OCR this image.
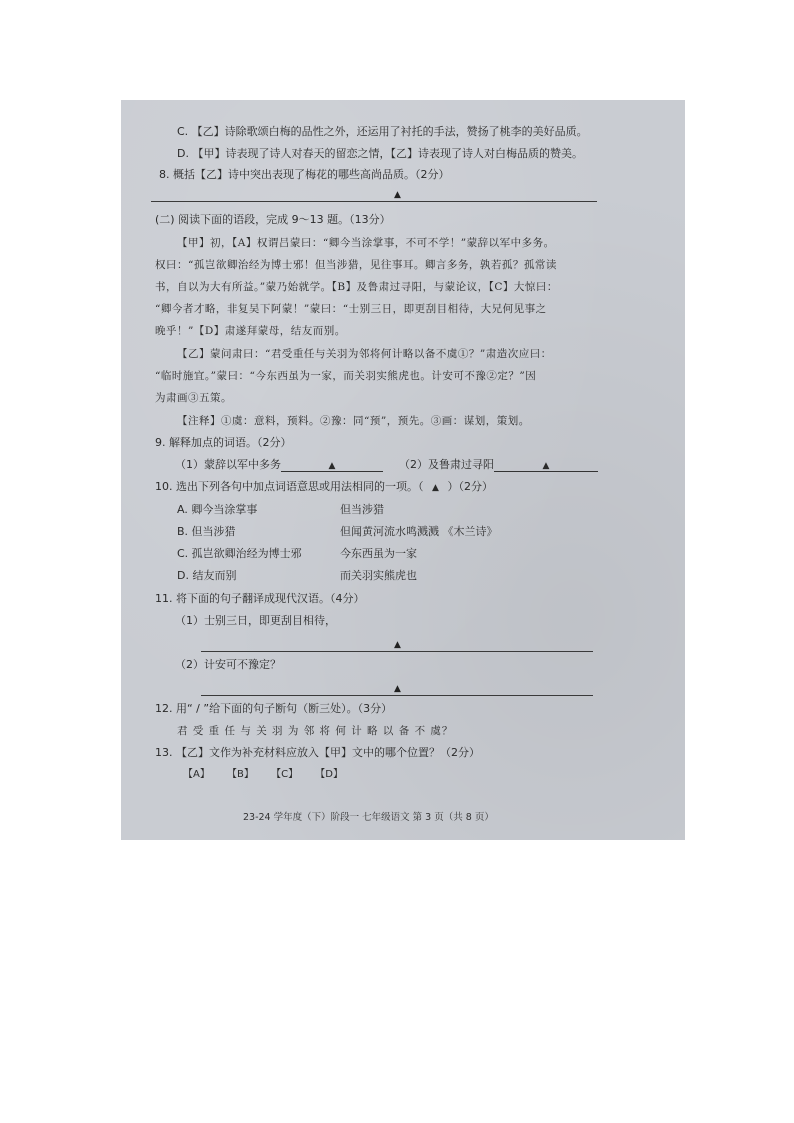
C. 【乙】诗除歌颂白梅的品性之外，还运用了衬托的手法，赞扬了桃李的美好品质。
D. 【甲】诗表现了诗人对春天的留恋之情，【乙】诗表现了诗人对白梅品质的赞美。
8. 概括【乙】诗中突出表现了梅花的哪些高尚品质。（2分）
▲
(二) 阅读下面的语段，完成 9～13 题。（13分）
【甲】初，【A】权谓吕蒙曰：“卿今当涂掌事，不可不学！”蒙辞以军中多务。
权曰：“孤岂欲卿治经为博士邪！但当涉猎，见往事耳。卿言多务，孰若孤？孤常读
书，自以为大有所益。”蒙乃始就学。【B】及鲁肃过寻阳，与蒙论议，【C】大惊曰：
“卿今者才略，非复吴下阿蒙！”蒙曰：“士别三日，即更刮目相待，大兄何见事之
晚乎！”【D】肃遂拜蒙母，结友而别。
【乙】蒙问肃曰：“君受重任与关羽为邻将何计略以备不虞①？”肃造次应曰：
“临时施宜。”蒙曰：“今东西虽为一家，而关羽实熊虎也。计安可不豫②定？”因
为肃画③五策。
【注释】①虞：意料，预料。②豫：同“预”，预先。③画：谋划，策划。
9. 解释加点的词语。（2分）
（1）蒙辞以军中多务	▲	（2）及鲁肃过寻阳	▲
10. 选出下列各句中加点词语意思或用法相同的一项。（ ▲ ）（2分）
A. 卿今当涂掌事	但当涉猎
B. 但当涉猎	但闻黄河流水鸣溅溅 《木兰诗》
C. 孤岂欲卿治经为博士邪	今东西虽为一家
D. 结友而别	而关羽实熊虎也
11. 将下面的句子翻译成现代汉语。（4分）
（1）士别三日，即更刮目相待，
▲
（2）计安可不豫定？
▲
12. 用“ / ”给下面的句子断句（断三处）。（3分）
君 受 重 任 与 关 羽 为 邻 将 何 计 略 以 备 不 虞？
13. 【乙】文作为补充材料应放入【甲】文中的哪个位置？（2分）
【A】 【B】 【C】 【D】
23-24 学年度（下）阶段一 七年级语文 第 3 页（共 8 页）
